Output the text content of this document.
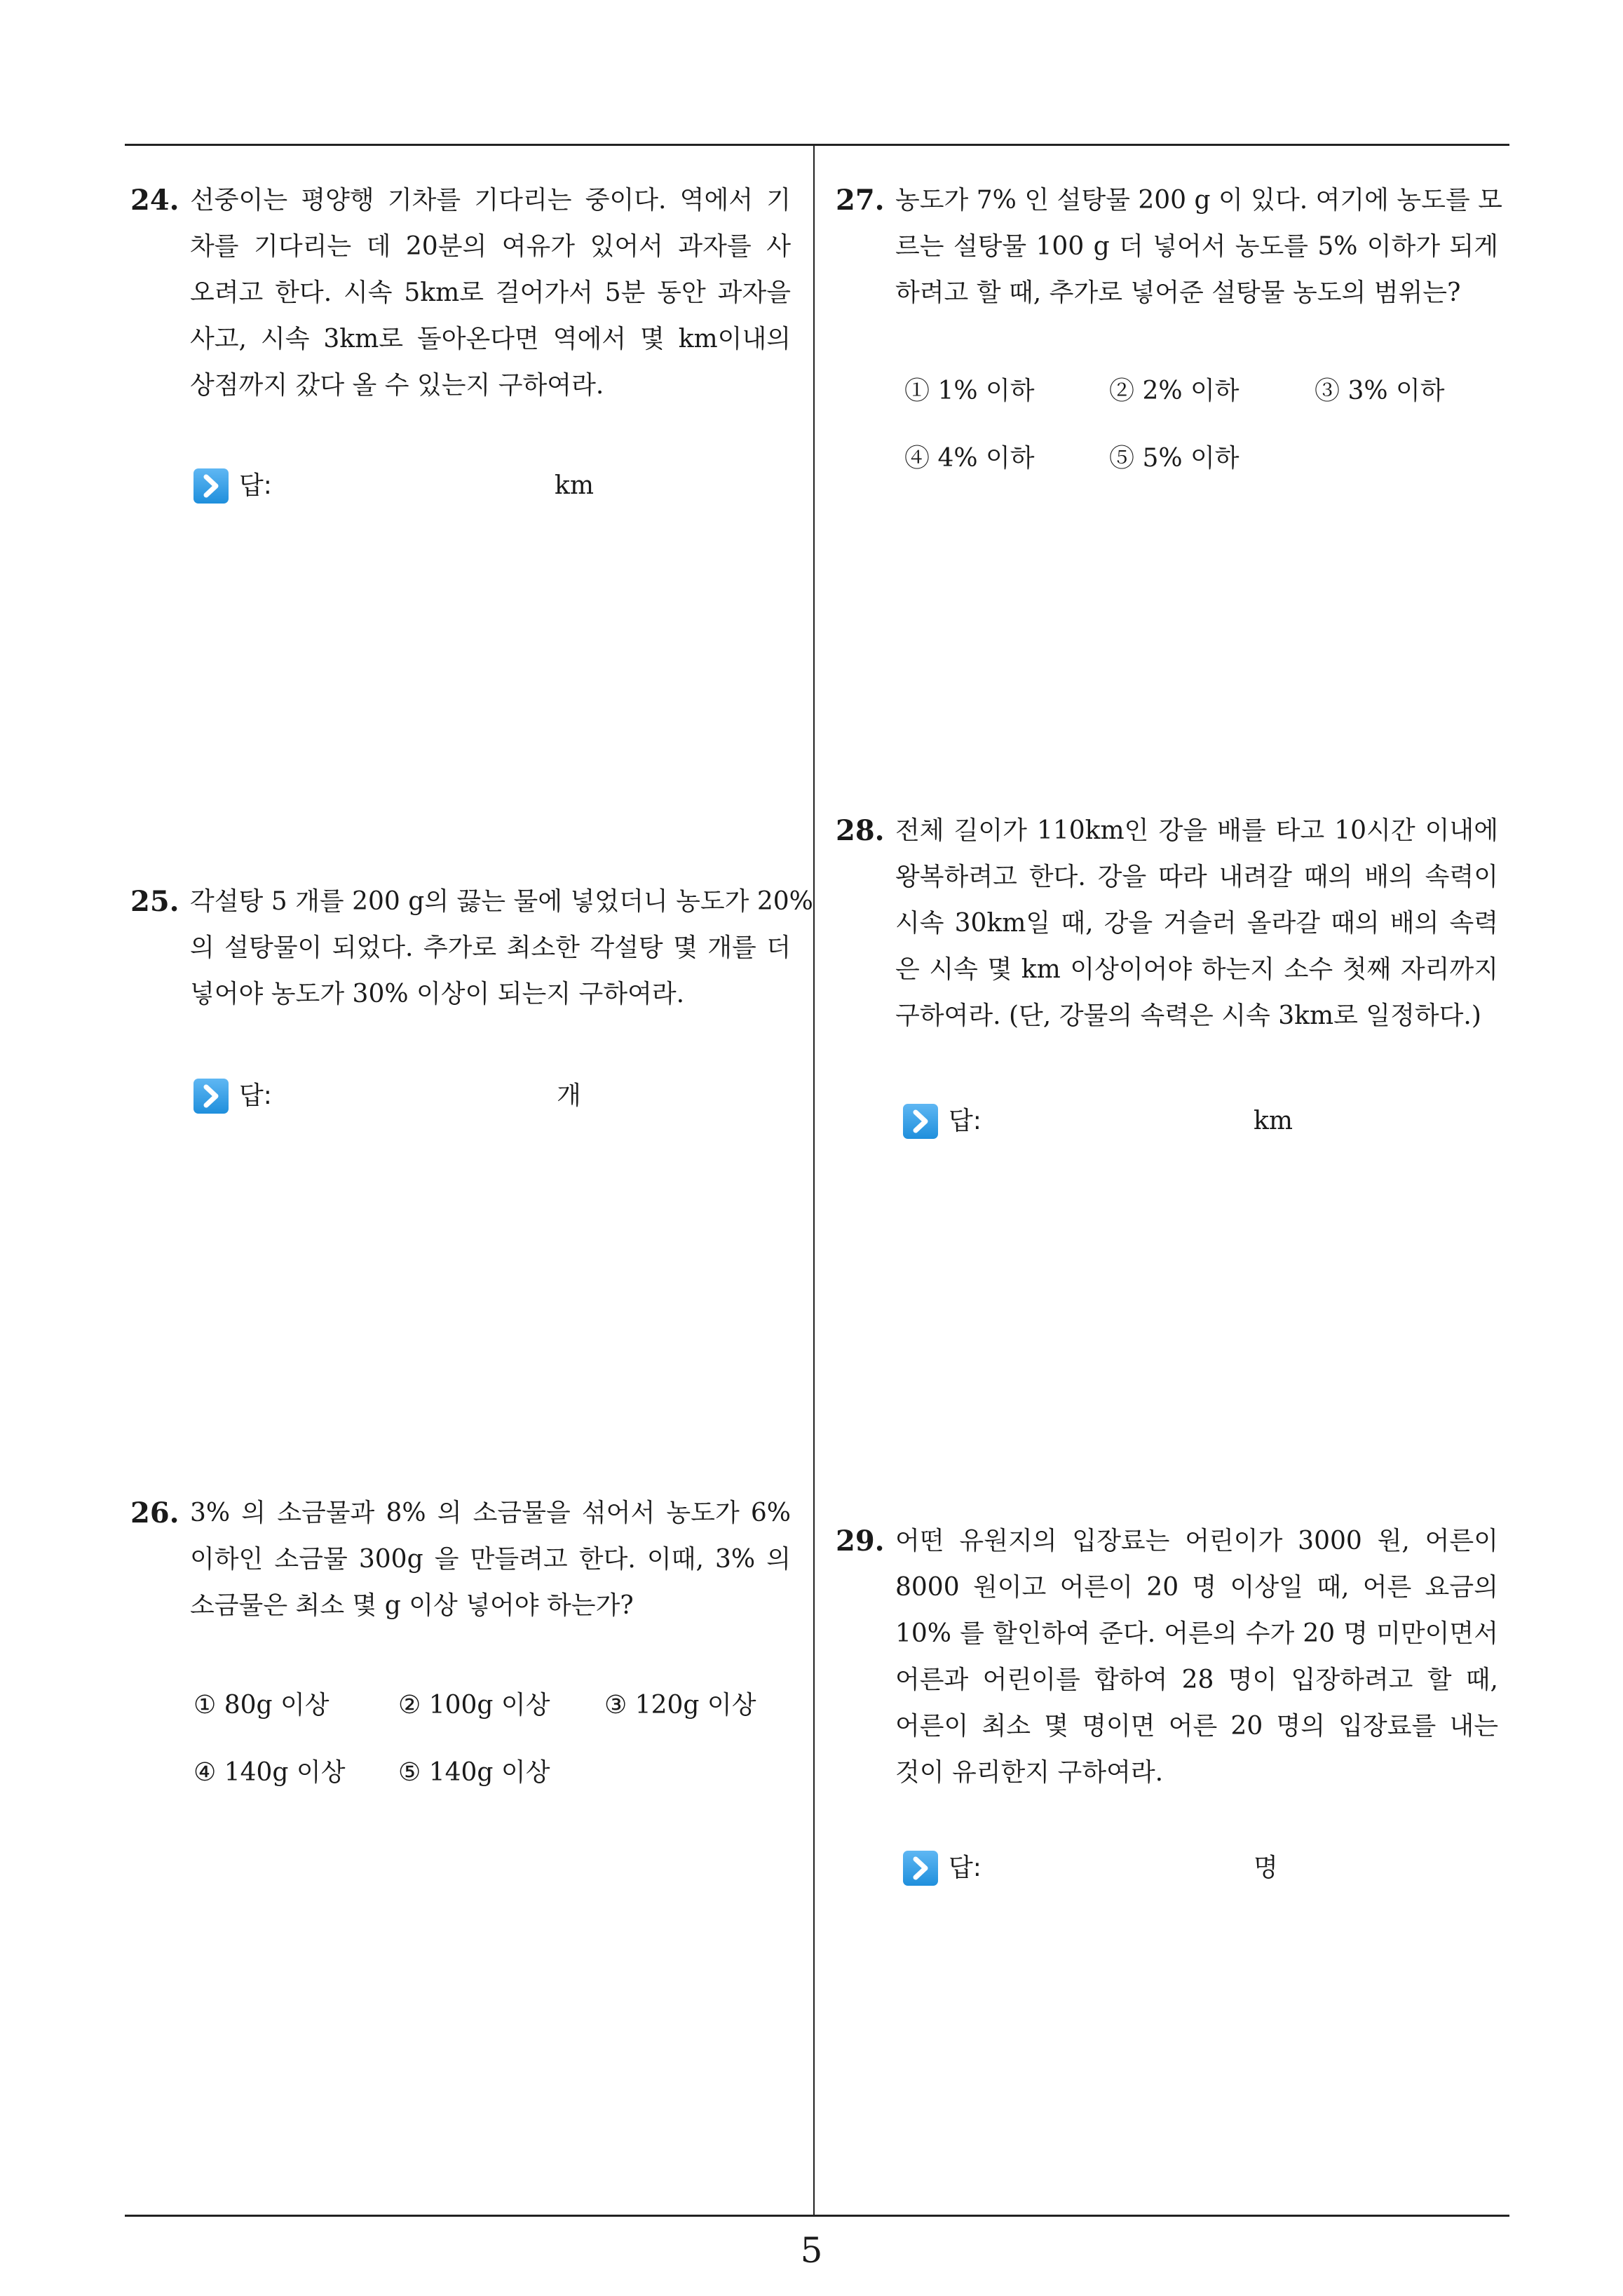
24. 선중이는 평양행 기차를 기다리는 중이다. 역에서 기
차를 기다리는 데 20분의 여유가 있어서 과자를 사
오려고 한다. 시속 5km로 걸어가서 5분 동안 과자을
사고, 시속 3km로 돌아온다면 역에서 몇 km이내의
상점까지 갔다 올 수 있는지 구하여라.
답:	km
25. 각설탕 5 개를 200 g의 끓는 물에 넣었더니 농도가 20%
의 설탕물이 되었다. 추가로 최소한 각설탕 몇 개를 더
넣어야 농도가 30% 이상이 되는지 구하여라.
답:	개
26. 3% 의 소금물과 8% 의 소금물을 섞어서 농도가 6%
이하인 소금물 300g 을 만들려고 한다. 이때, 3% 의
소금물은 최소 몇 g 이상 넣어야 하는가?
① 80g 이상	② 100g 이상 ③ 120g 이상
④ 140g 이상 ⑤ 140g 이상
27. 농도가 7% 인 설탕물 200 g 이 있다. 여기에 농도를 모
르는 설탕물 100 g 더 넣어서 농도를 5% 이하가 되게
하려고 할 때, 추가로 넣어준 설탕물 농도의 범위는?
① 1% 이하	② 2% 이하	③ 3% 이하
④ 4% 이하	⑤ 5% 이하
28. 전체 길이가 110km인 강을 배를 타고 10시간 이내에
왕복하려고 한다. 강을 따라 내려갈 때의 배의 속력이
시속 30km일 때, 강을 거슬러 올라갈 때의 배의 속력
은 시속 몇 km 이상이어야 하는지 소수 첫째 자리까지
구하여라. (단, 강물의 속력은 시속 3km로 일정하다.)
답:	km
29. 어떤 유원지의 입장료는 어린이가 3000 원, 어른이
8000 원이고 어른이 20 명 이상일 때, 어른 요금의
10% 를 할인하여 준다. 어른의 수가 20 명 미만이면서
어른과 어린이를 합하여 28 명이 입장하려고 할 때,
어른이 최소 몇 명이면 어른 20 명의 입장료를 내는
것이 유리한지 구하여라.
답:	명
5
